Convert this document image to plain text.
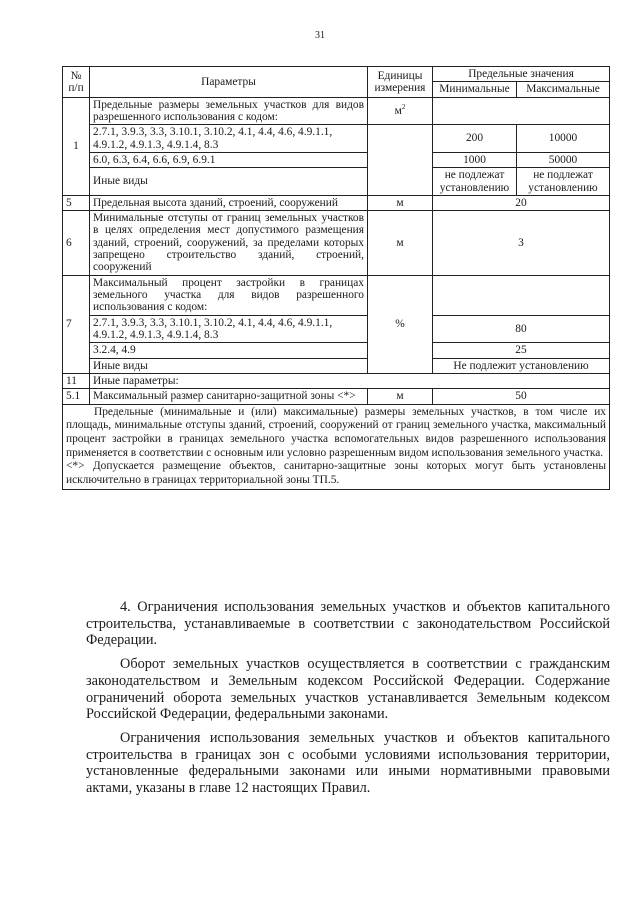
31
№ п/п	Параметры	Единицы измерения	Предельные значения	
			Минимальные	Максимальные
1	Предельные размеры земельных участков для видов разрешенного использования с кодом:	$м^2$	
	2.7.1, 3.9.3, 3.3, 3.10.1, 3.10.2, 4.1, 4.4, 4.6, 4.9.1.1, 4.9.1.2, 4.9.1.3, 4.9.1.4, 8.3		200	10000
	6.0, 6.3, 6.4, 6.6, 6.9, 6.9.1		1000	50000
	Иные виды		не подлежат установлению	не подлежат установлению
5	Предельная высота зданий, строений, сооружений	м	20	
6	Минимальные отступы от границ земельных участков в целях определения мест допустимого размещения зданий, строений, сооружений, за пределами которых запрещено строительство зданий, строений, сооружений	м	3	
7	Максимальный процент застройки в границах земельного участка для видов разрешенного использования с кодом:	%		
	2.7.1, 3.9.3, 3.3, 3.10.1, 3.10.2, 4.1, 4.4, 4.6, 4.9.1.1, 4.9.1.2, 4.9.1.3, 4.9.1.4, 8.3		80	
	3.2.4, 4.9		25	
	Иные виды		Не подлежит установлению	
11	Иные параметры:			
5.1	Максимальный размер санитарно-защитной зоны <*>	м	50	

Предельные (минимальные и (или) максимальные) размеры земельных участков, в том числе их площадь, минимальные отступы зданий, строений, сооружений от границ земельного участка, максимальный процент застройки в границах земельного участка вспомогательных видов разрешенного использования применяется в соответствии с основным или условно разрешенным видом использования земельного участка.

<*> Допускается размещение объектов, санитарно-защитные зоны которых могут быть установлены исключительно в границах территориальной зоны ТП.5.				

4. Ограничения использования земельных участков и объектов капитального строительства, устанавливаемые в соответствии с законодательством Российской Федерации.

Оборот земельных участков осуществляется в соответствии с гражданским законодательством и Земельным кодексом Российской Федерации. Содержание ограничений оборота земельных участков устанавливается Земельным кодексом Российской Федерации, федеральными законами.

Ограничения использования земельных участков и объектов капитального строительства в границах зон с особыми условиями использования территории, установленные федеральными законами или иными нормативными правовыми актами, указаны в главе 12 настоящих Правил.
